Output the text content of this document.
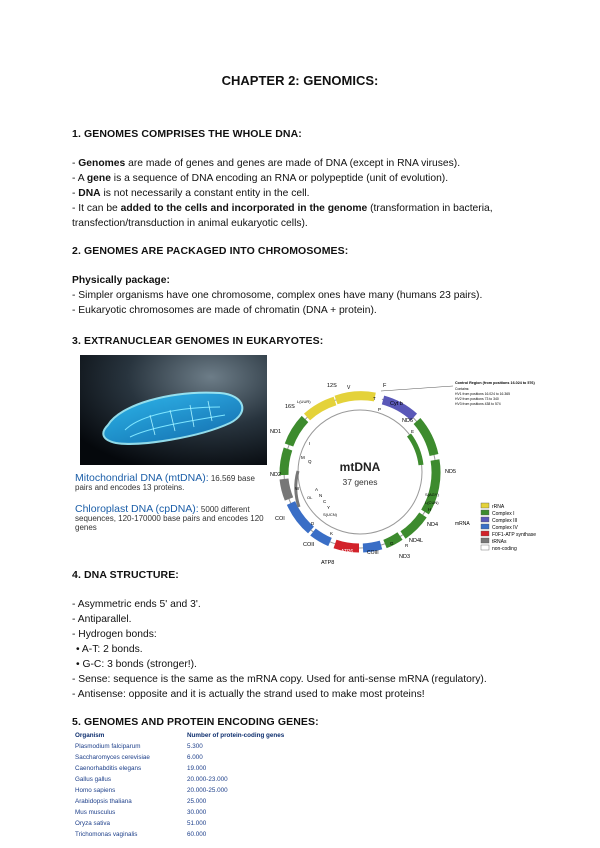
CHAPTER 2: GENOMICS:
1. GENOMES COMPRISES THE WHOLE DNA:
- Genomes are made of genes and genes are made of DNA (except in RNA viruses).
- A gene is a sequence of DNA encoding an RNA or polypeptide (unit of evolution).
- DNA is not necessarily a constant entity in the cell.
- It can be added to the cells and incorporated in the genome (transformation in bacteria,
transfection/transduction in animal eukaryotic cells).
2. GENOMES ARE PACKAGED INTO CHROMOSOMES:
Physically package:
- Simpler organisms have one chromosome, complex ones have many (humans 23 pairs).
- Eukaryotic chromosomes are made of chromatin (DNA + protein).
3. EXTRANUCLEAR GENOMES IN EUKARYOTES:
Mitochondrial DNA (mtDNA): 16.569 base
pairs and encodes 13 proteins.
Chloroplast DNA (cpDNA): 5000 different
sequences, 120-170000 base pairs and encodes 120
genes
mtDNA
37 genes
12S	F
V
16S
ND1
ND2
COI
COII
ATP8
ATP6	COIII
ND3
ND4L
ND4
ND5
ND6
Cyt b
T
P
E
Q
M
W
I
L(UUR)
L(CUN)
S(AGY)
S(UCN)
H
R
G
K
D
A
N
C
Y
OL
Control Region (from positions 16.024 to 576)
Contains:
HV1 from positions 16.024 to 16.365
HV2 from positions 73 to 340
HV3 from positions 438 to 574
rRNA
Complex I
Complex III
Complex IV
F0F1-ATP synthase
tRNAs
non-coding
mRNA
4. DNA STRUCTURE:
- Asymmetric ends 5' and 3'.
- Antiparallel.
- Hydrogen bonds:
• A-T: 2 bonds.
• G-C: 3 bonds (stronger!).
- Sense: sequence is the same as the mRNA copy. Used for anti-sense mRNA (regulatory).
- Antisense: opposite and it is actually the strand used to make most proteins!
5. GENOMES AND PROTEIN ENCODING GENES:
Organism	Number of protein-coding genes
Plasmodium falciparum	5.300
Saccharomyces cerevisiae	6.000
Caenorhabditis elegans	19.000
Gallus gallus	20.000-23.000
Homo sapiens	20.000-25.000
Arabidopsis thaliana	25.000
Mus musculus	30.000
Oryza sativa	51.000
Trichomonas vaginalis	60.000
